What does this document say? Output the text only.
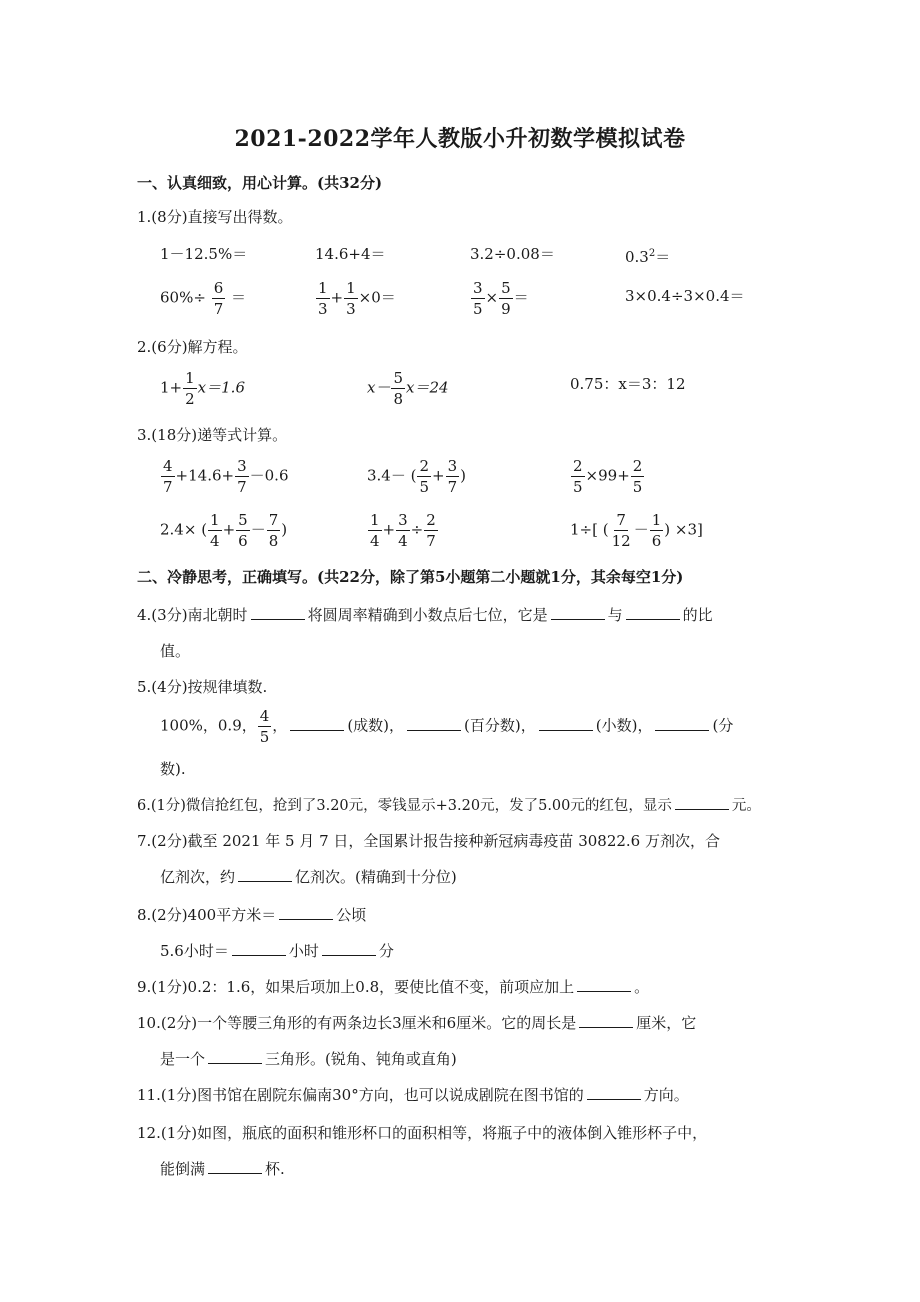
2021-2022学年人教版小升初数学模拟试卷
一、认真细致，用心计算。(共32分)
1.(8分)直接写出得数。
1－12.5%＝	14.6+4＝	3.2÷0.08＝	$0.3^2=$
$60\%\div \frac{6}{7}$ ＝	$\frac{1}{3} + \frac{1}{3} \times 0=$	$\frac{3}{5} \times \frac{5}{9}$ ＝	3×0.4÷3×0.4＝
2.(6分)解方程。
$1+ \frac{1}{2} x=1.6$	$x- \frac{5}{8} x=24$	0.75：x＝3：12
3.(18分)递等式计算。
$\frac{4}{7} +14.6+ \frac{3}{7} -0.6$	3.4－ ( $\frac{2}{5} + \frac{3}{7}$ )	$\frac{2}{5} \times 99+ \frac{2}{5}$
2.4× ( $\frac{1}{4} + \frac{5}{6} - \frac{7}{8}$ )	$\frac{1}{4} + \frac{3}{4} \div \frac{2}{7}$	1÷[ ( $\frac{7}{12} - \frac{1}{6}$ ) ×3]
二、冷静思考，正确填写。(共22分，除了第5小题第二小题就1分，其余每空1分)
4.(3分)南北朝时	将圆周率精确到小数点后七位，它是	与	的比
值。
5.(4分)按规律填数.
100%，0.9， $\frac{4}{5}$ ，	(成数)，	(百分数)，	(小数)，	(分
数).
6.(1分)微信抢红包，抢到了3.20元，零钱显示+3.20元，发了5.00元的红包，显示	元。
7.(2分)截至 2021 年 5 月 7 日，全国累计报告接种新冠病毒疫苗 30822.6 万剂次，合
亿剂次，约	亿剂次。(精确到十分位)
8.(2分)400平方米＝	公顷
5.6小时＝	小时	分
9.(1分)0.2：1.6，如果后项加上0.8，要使比值不变，前项应加上	。
10.(2分)一个等腰三角形的有两条边长3厘米和6厘米。它的周长是	厘米，它
是一个	三角形。(锐角、钝角或直角)
11.(1分)图书馆在剧院东偏南30°方向，也可以说成剧院在图书馆的	方向。
12.(1分)如图，瓶底的面积和锥形杯口的面积相等，将瓶子中的液体倒入锥形杯子中，
能倒满	杯.
